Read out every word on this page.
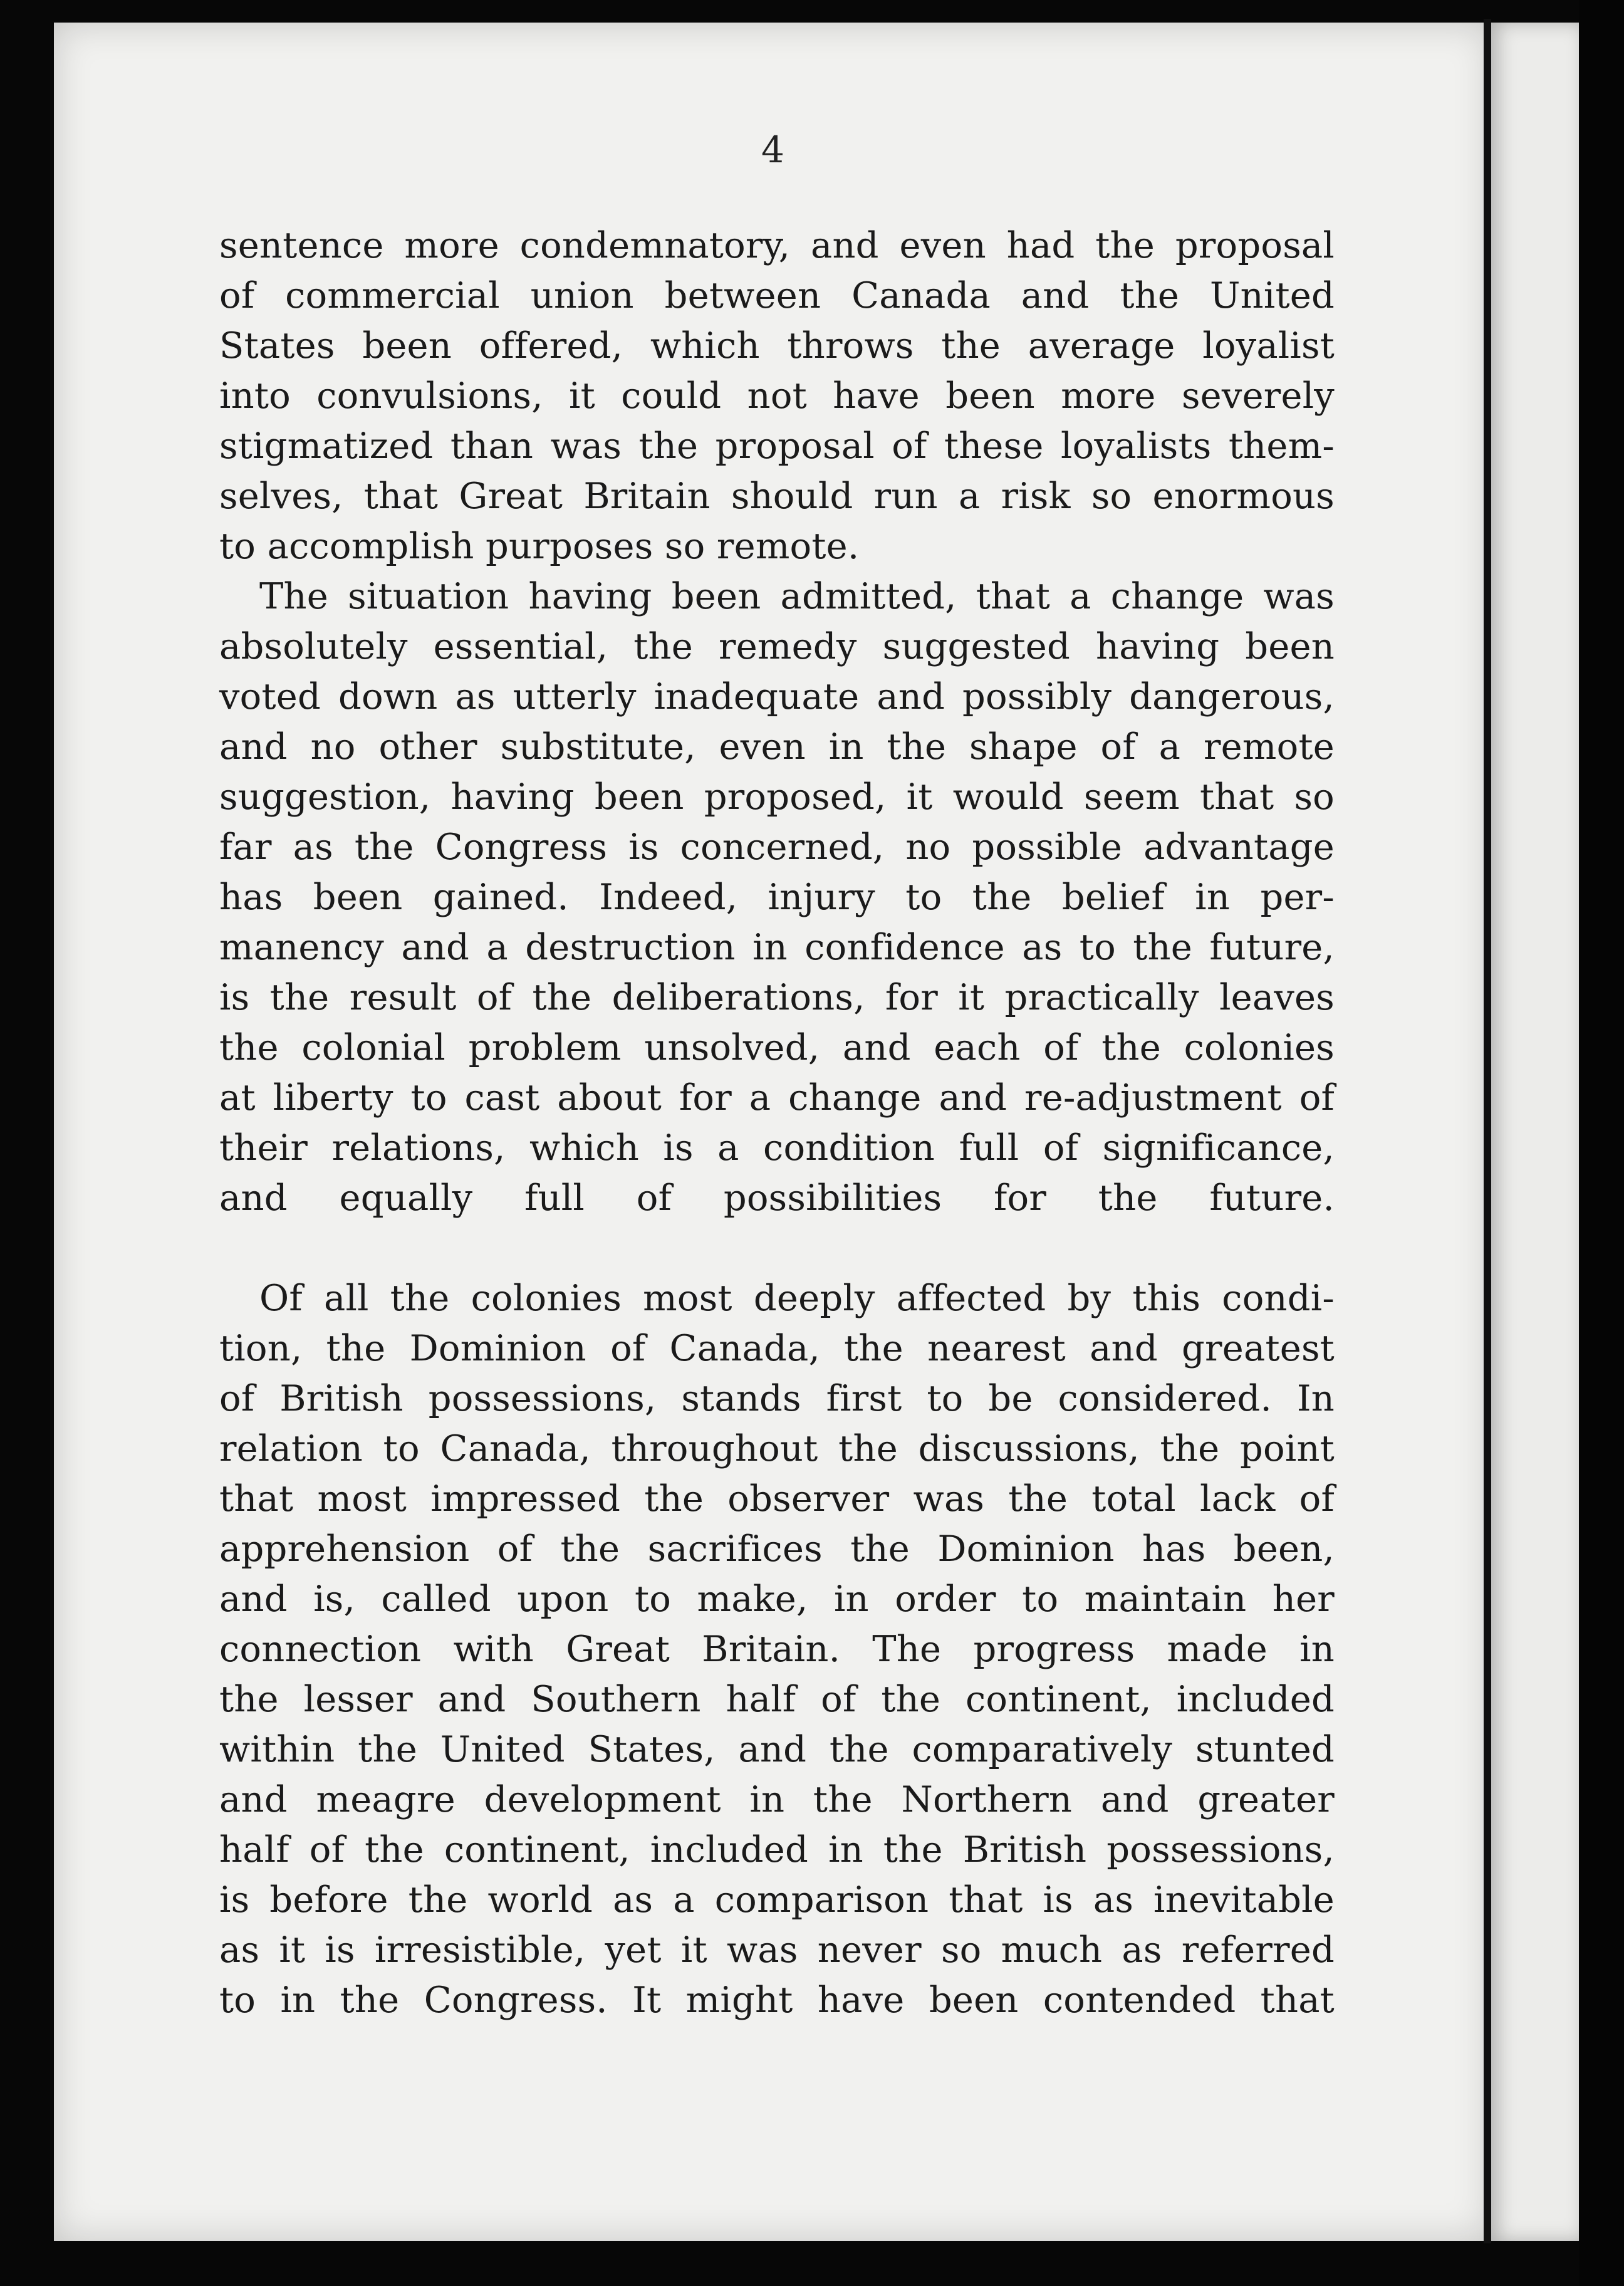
4
sentence more condemnatory, and even had the proposal
of commercial union between Canada and the United
States been offered, which throws the average loyalist
into convulsions, it could not have been more severely
stigmatized than was the proposal of these loyalists them-
selves, that Great Britain should run a risk so enormous
to accomplish purposes so remote.
The situation having been admitted, that a change was
absolutely essential, the remedy suggested having been
voted down as utterly inadequate and possibly dangerous,
and no other substitute, even in the shape of a remote
suggestion, having been proposed, it would seem that so
far as the Congress is concerned, no possible advantage
has been gained. Indeed, injury to the belief in per-
manency and a destruction in confidence as to the future,
is the result of the deliberations, for it practically leaves
the colonial problem unsolved, and each of the colonies
at liberty to cast about for a change and re-adjustment of
their relations, which is a condition full of significance,
and equally full of possibilities for the future.
Of all the colonies most deeply affected by this condi-
tion, the Dominion of Canada, the nearest and greatest
of British possessions, stands first to be considered. In
relation to Canada, throughout the discussions, the point
that most impressed the observer was the total lack of
apprehension of the sacrifices the Dominion has been,
and is, called upon to make, in order to maintain her
connection with Great Britain. The progress made in
the lesser and Southern half of the continent, included
within the United States, and the comparatively stunted
and meagre development in the Northern and greater
half of the continent, included in the British possessions,
is before the world as a comparison that is as inevitable
as it is irresistible, yet it was never so much as referred
to in the Congress. It might have been contended that
